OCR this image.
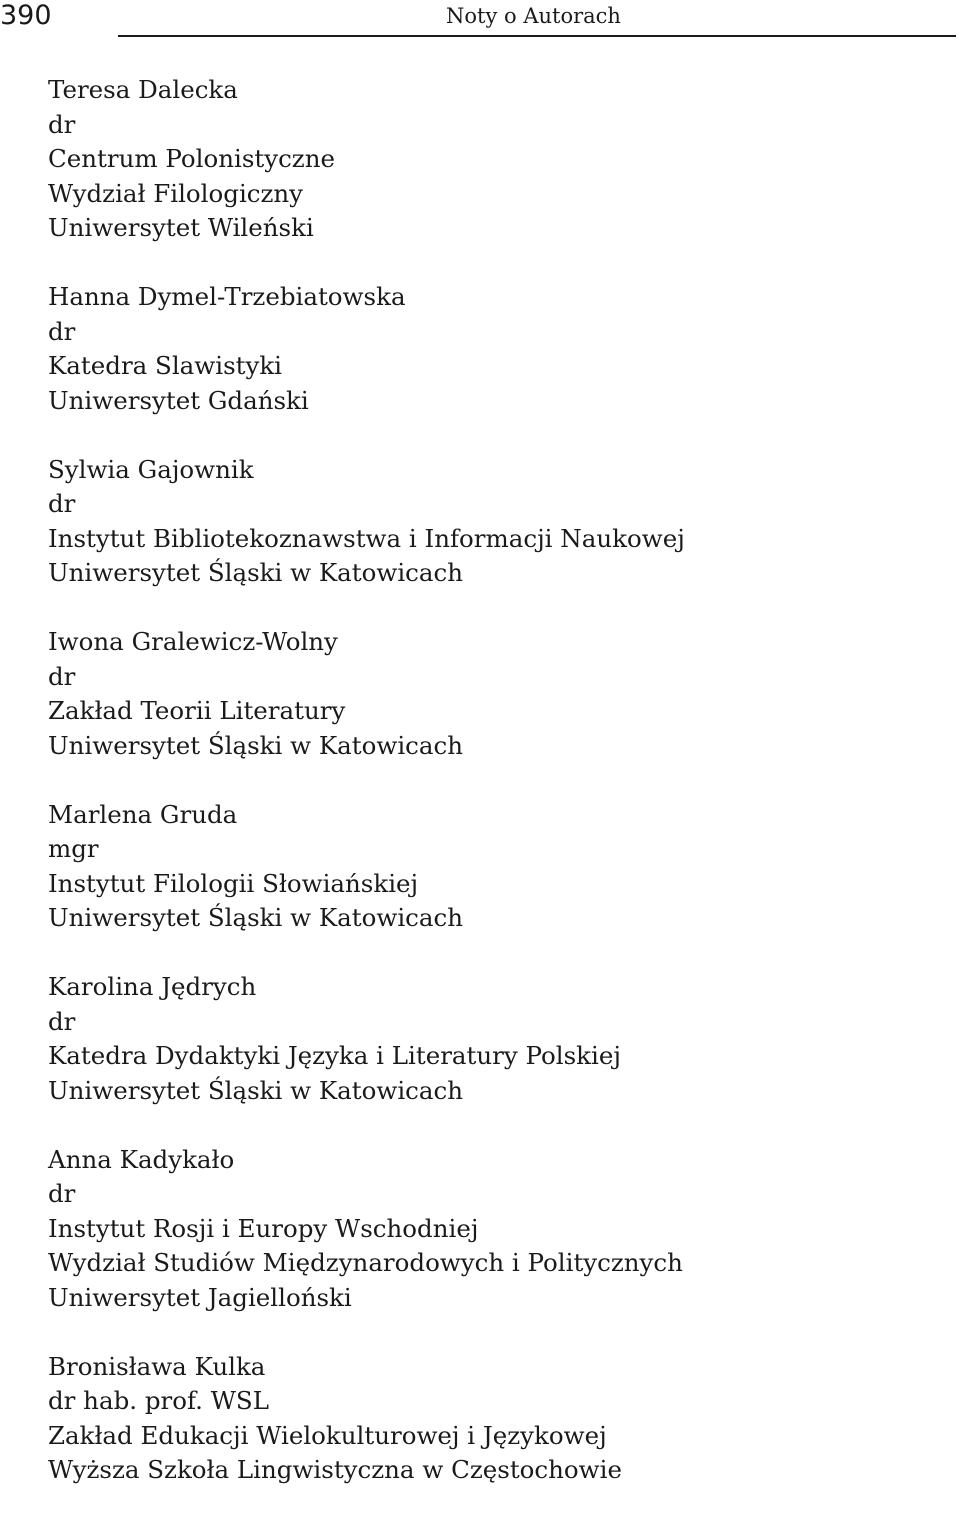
390	Noty o Autorach
Teresa Dalecka
dr
Centrum Polonistyczne
Wydział Filologiczny
Uniwersytet Wileński
Hanna Dymel-Trzebiatowska
dr
Katedra Slawistyki
Uniwersytet Gdański
Sylwia Gajownik
dr
Instytut Bibliotekoznawstwa i Informacji Naukowej
Uniwersytet Śląski w Katowicach
Iwona Gralewicz-Wolny
dr
Zakład Teorii Literatury
Uniwersytet Śląski w Katowicach
Marlena Gruda
mgr
Instytut Filologii Słowiańskiej
Uniwersytet Śląski w Katowicach
Karolina Jędrych
dr
Katedra Dydaktyki Języka i Literatury Polskiej
Uniwersytet Śląski w Katowicach
Anna Kadykało
dr
Instytut Rosji i Europy Wschodniej
Wydział Studiów Międzynarodowych i Politycznych
Uniwersytet Jagielloński
Bronisława Kulka
dr hab. prof. WSL
Zakład Edukacji Wielokulturowej i Językowej
Wyższa Szkoła Lingwistyczna w Częstochowie
